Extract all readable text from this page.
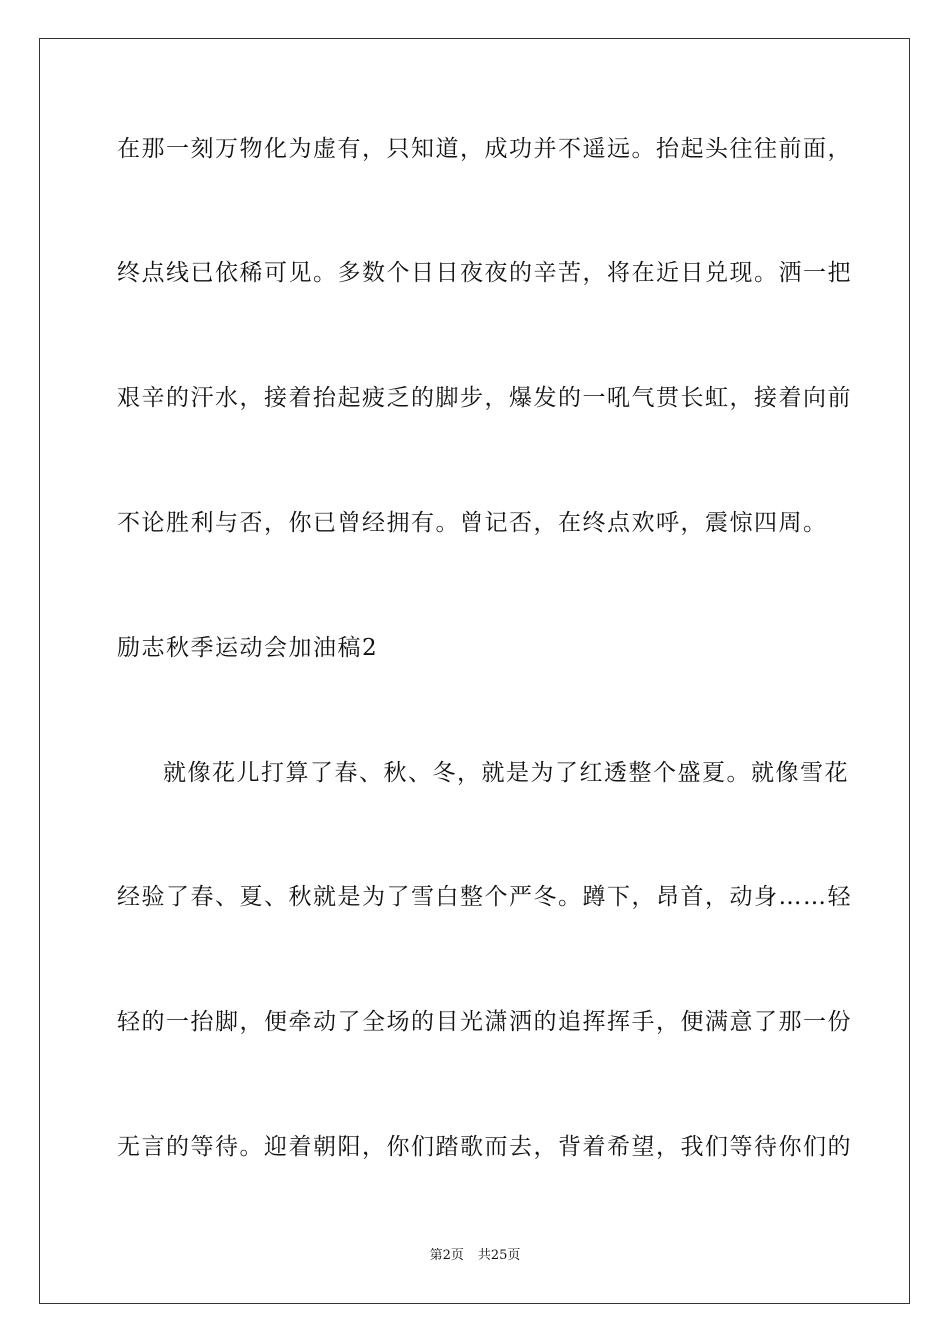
在那一刻万物化为虚有，只知道，成功并不遥远。抬起头往往前面，
终点线已依稀可见。多数个日日夜夜的辛苦，将在近日兑现。洒一把
艰辛的汗水，接着抬起疲乏的脚步，爆发的一吼气贯长虹，接着向前
不论胜利与否，你已曾经拥有。曾记否，在终点欢呼，震惊四周。
励志秋季运动会加油稿2
就像花儿打算了春、秋、冬，就是为了红透整个盛夏。就像雪花
经验了春、夏、秋就是为了雪白整个严冬。蹲下，昂首，动身……轻
轻的一抬脚，便牵动了全场的目光潇洒的追挥挥手，便满意了那一份
无言的等待。迎着朝阳，你们踏歌而去，背着希望，我们等待你们的
第2页 共25页
